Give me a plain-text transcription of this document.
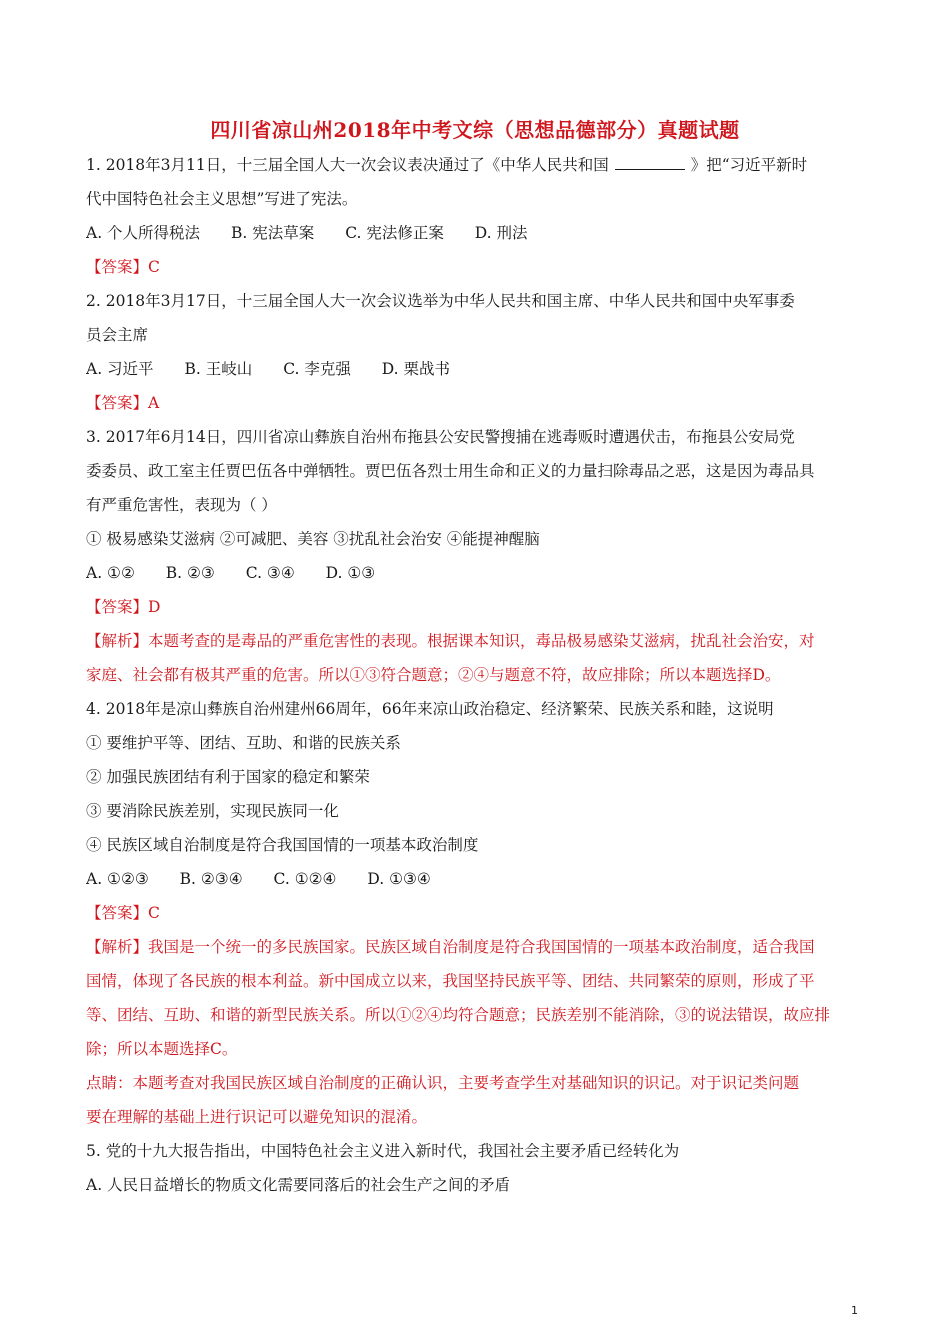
四川省凉山州2018年中考文综（思想品德部分）真题试题
1. 2018年3月11日，十三届全国人大一次会议表决通过了《中华人民共和国	》把“习近平新时
代中国特色社会主义思想”写进了宪法。
A. 个人所得税法 B. 宪法草案 C. 宪法修正案 D. 刑法
【答案】C
2. 2018年3月17日，十三届全国人大一次会议选举为中华人民共和国主席、中华人民共和国中央军事委
员会主席
A. 习近平 B. 王岐山 C. 李克强 D. 栗战书
【答案】A
3. 2017年6月14日，四川省凉山彝族自治州布拖县公安民警搜捕在逃毒贩时遭遇伏击，布拖县公安局党
委委员、政工室主任贾巴伍各中弹牺牲。贾巴伍各烈士用生命和正义的力量扫除毒品之恶，这是因为毒品具
有严重危害性，表现为（ ）
① 极易感染艾滋病 ②可减肥、美容 ③扰乱社会治安 ④能提神醒脑
A. ①② B. ②③ C. ③④ D. ①③
【答案】D
【解析】本题考查的是毒品的严重危害性的表现。根据课本知识，毒品极易感染艾滋病，扰乱社会治安，对
家庭、社会都有极其严重的危害。所以①③符合题意；②④与题意不符，故应排除；所以本题选择D。
4. 2018年是凉山彝族自治州建州66周年，66年来凉山政治稳定、经济繁荣、民族关系和睦，这说明
① 要维护平等、团结、互助、和谐的民族关系
② 加强民族团结有利于国家的稳定和繁荣
③ 要消除民族差别，实现民族同一化
④ 民族区域自治制度是符合我国国情的一项基本政治制度
A. ①②③ B. ②③④ C. ①②④ D. ①③④
【答案】C
【解析】我国是一个统一的多民族国家。民族区域自治制度是符合我国国情的一项基本政治制度，适合我国
国情，体现了各民族的根本利益。新中国成立以来，我国坚持民族平等、团结、共同繁荣的原则，形成了平
等、团结、互助、和谐的新型民族关系。所以①②④均符合题意；民族差别不能消除，③的说法错误，故应排
除；所以本题选择C。
点睛：本题考查对我国民族区域自治制度的正确认识，主要考查学生对基础知识的识记。对于识记类问题
要在理解的基础上进行识记可以避免知识的混淆。
5. 党的十九大报告指出，中国特色社会主义进入新时代，我国社会主要矛盾已经转化为
A. 人民日益增长的物质文化需要同落后的社会生产之间的矛盾
1
